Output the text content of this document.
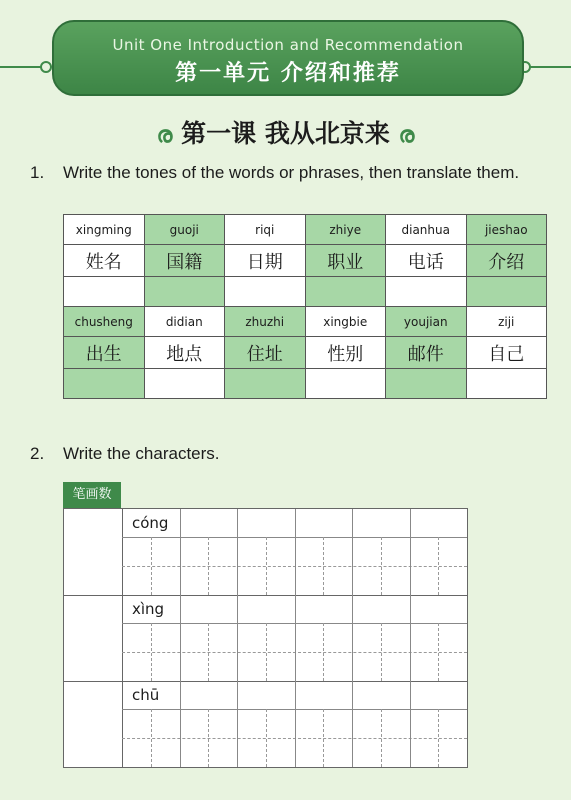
Unit One Introduction and Recommendation
第一单元 介绍和推荐
ര 第一课 我从北京来 ര
1. Write the tones of the words or phrases, then translate them.
xingming	guoji	riqi	zhiye	dianhua	jieshao
姓名	国籍	日期	职业	电话	介绍

chusheng	didian	zhuzhi	xingbie	youjian	ziji
出生	地点	住址	性别	邮件	自己

2. Write the characters.
笔画数
cóng
xìng
chū
